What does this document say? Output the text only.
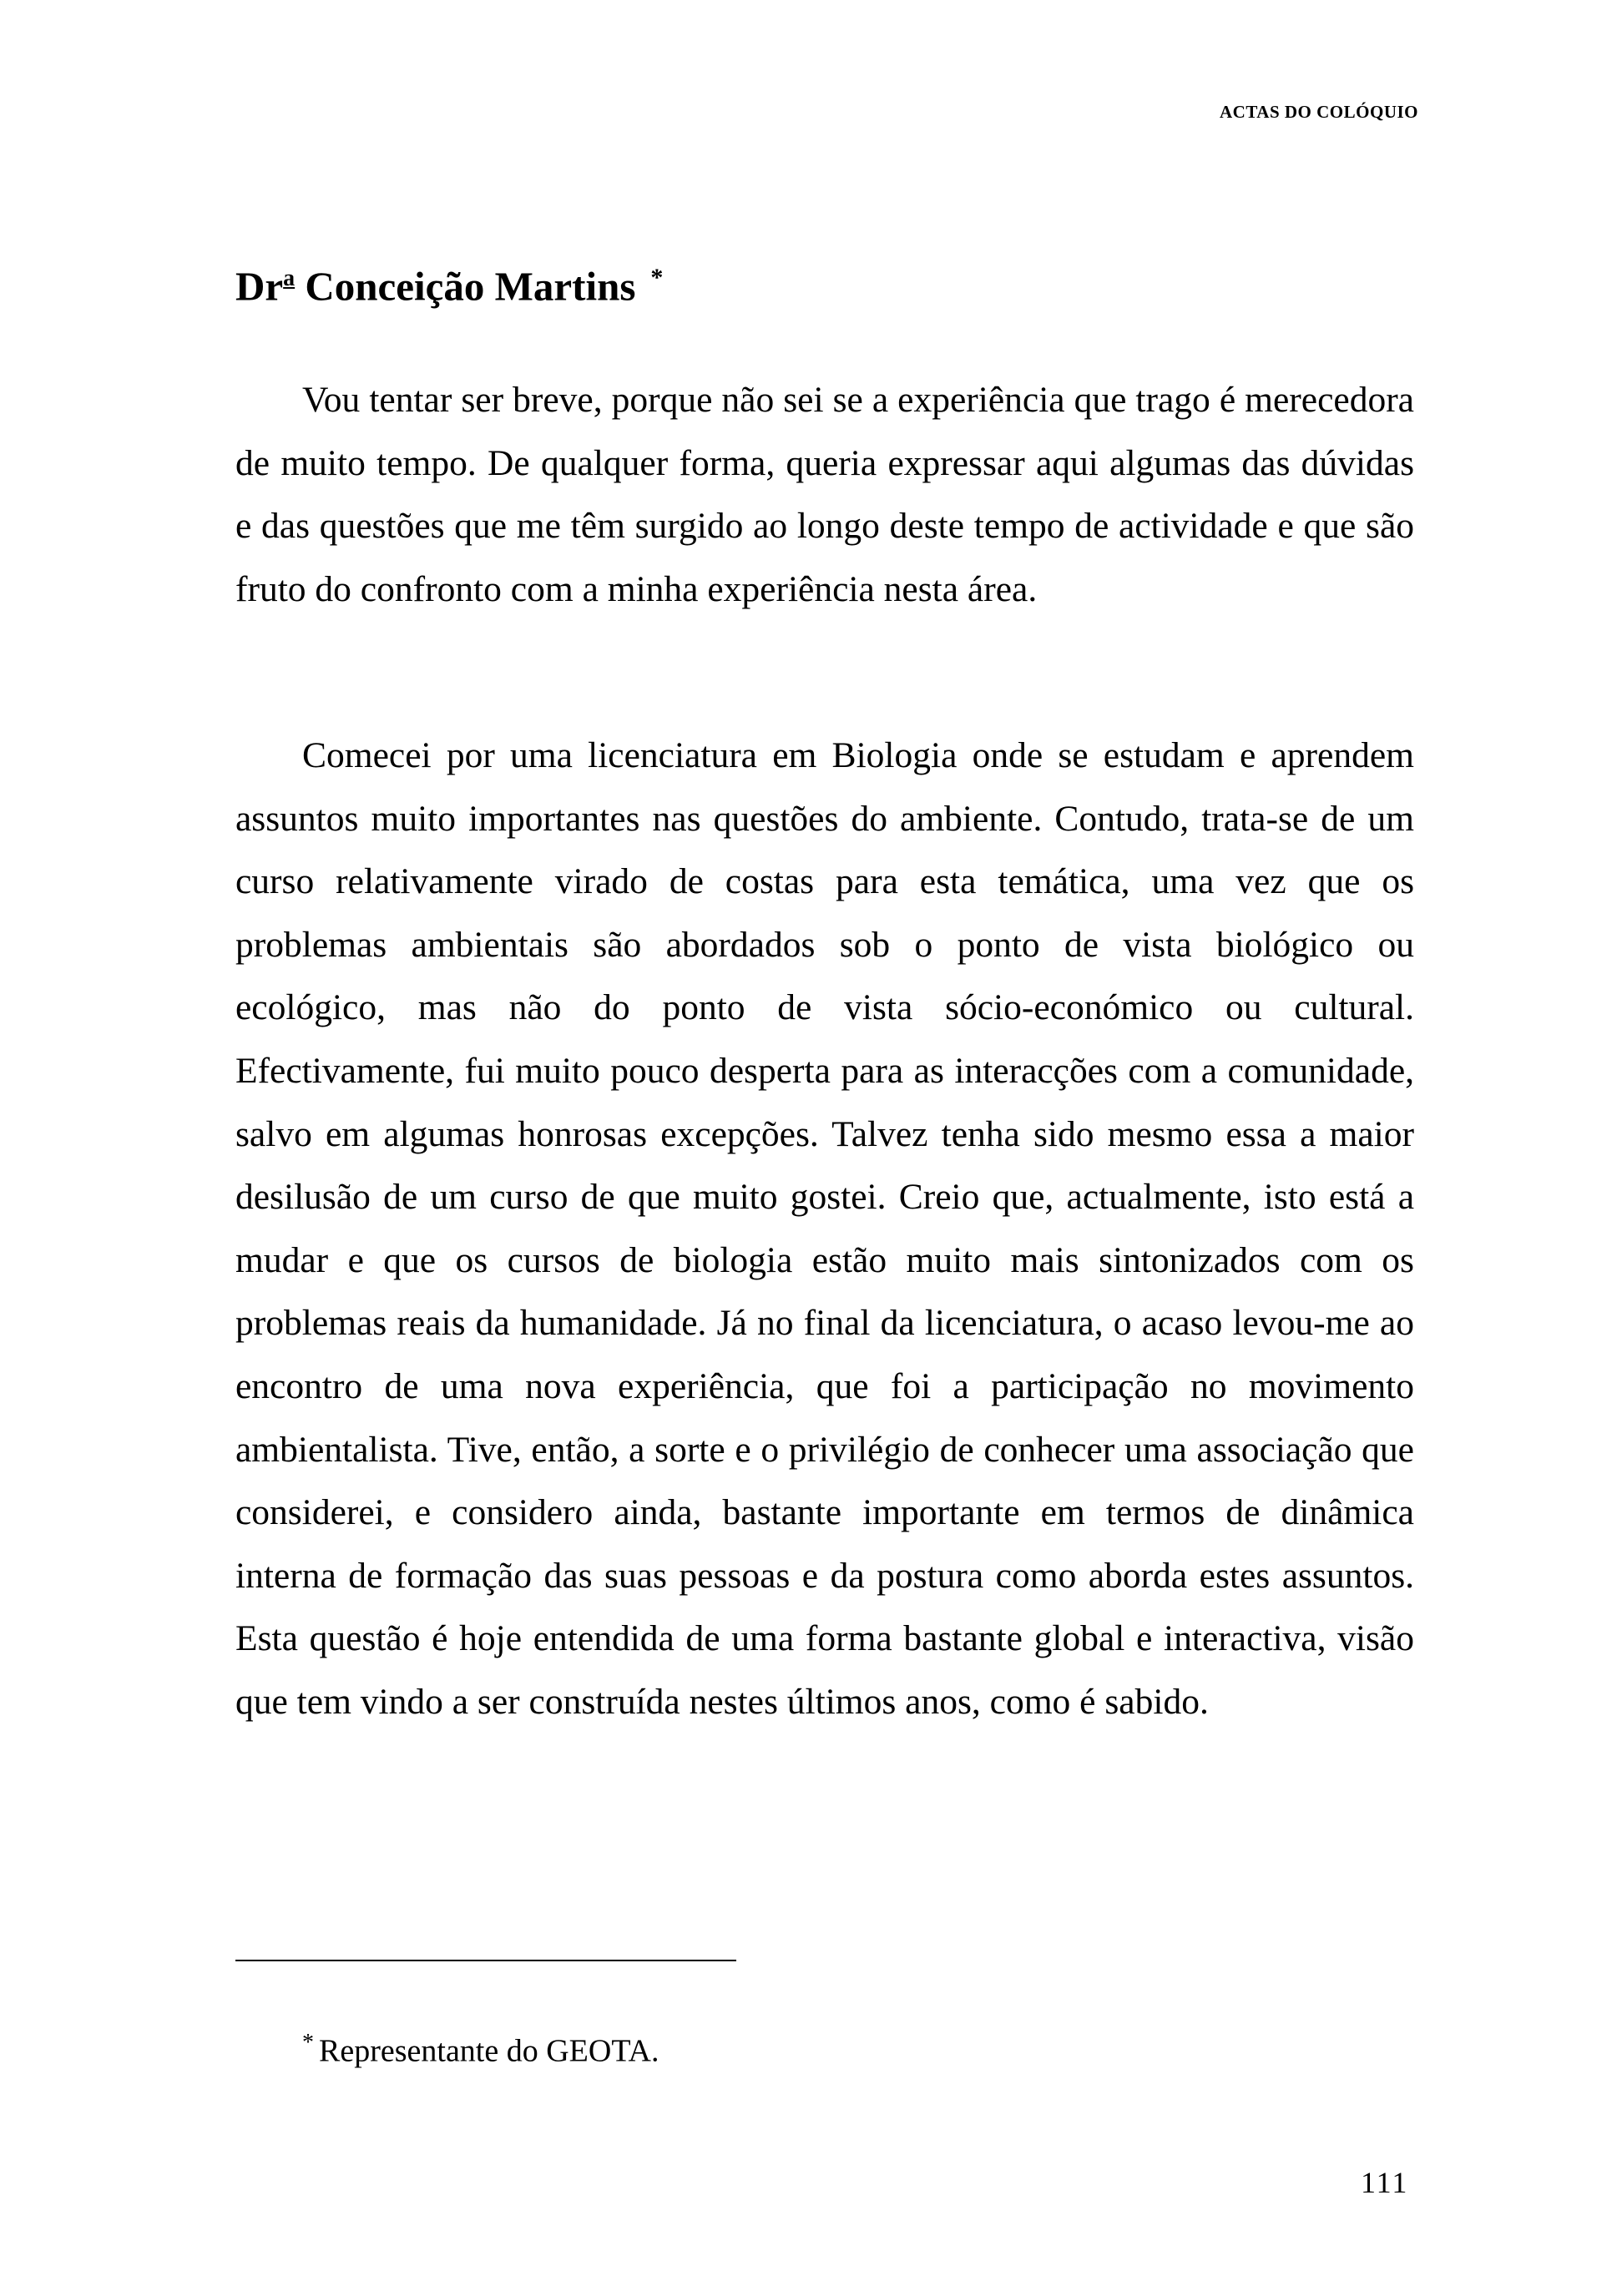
ACTAS DO COLÓQUIO
Dr$^a$ Conceição Martins *

Vou tentar ser breve, porque não sei se a experiência que trago é merecedora de muito tempo. De qualquer forma, queria expressar aqui algumas das dúvidas e das questões que me têm surgido ao longo deste tempo de actividade e que são fruto do confronto com a minha experiência nesta área.

Comecei por uma licenciatura em Biologia onde se estudam e aprendem assuntos muito importantes nas questões do ambiente. Contudo, trata-se de um curso relativamente virado de costas para esta temática, uma vez que os problemas ambientais são abordados sob o ponto de vista biológico ou ecológico, mas não do ponto de vista sócio-económico ou cultural. Efectivamente, fui muito pouco desperta para as interacções com a comunidade, salvo em algumas honrosas excepções. Talvez tenha sido mesmo essa a maior desilusão de um curso de que muito gostei. Creio que, actualmente, isto está a mudar e que os cursos de biologia estão muito mais sintonizados com os problemas reais da humanidade. Já no final da licenciatura, o acaso levou-me ao encontro de uma nova experiência, que foi a participação no movimento ambientalista. Tive, então, a sorte e o privilégio de conhecer uma associação que considerei, e considero ainda, bastante importante em termos de dinâmica interna de formação das suas pessoas e da postura como aborda estes assuntos. Esta questão é hoje entendida de uma forma bastante global e interactiva, visão que tem vindo a ser construída nestes últimos anos, como é sabido.

* Representante do GEOTA.

111
